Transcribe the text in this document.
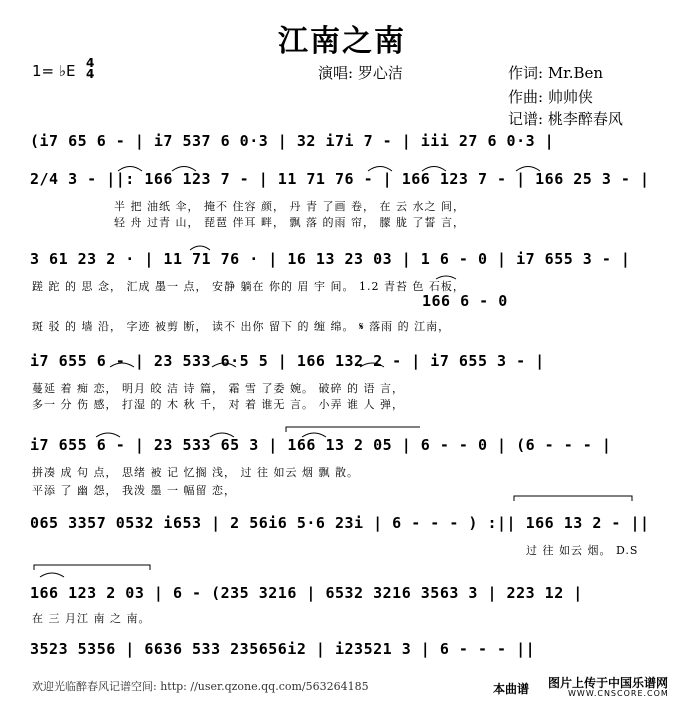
江南之南
1= ♭E 4
4	演唱: 罗心洁	作词: Mr.Ben
作曲: 帅帅侠
记谱: 桃李醉春风
(i7 65 6 - | i7 537 6 0·3 | 32 i7i 7 - | iii 27 6 0·3 |
2/4 3 - ||: 166 123 7 - | 11 71 76 - | 166 123 7 - | 166 25 3 - |
半 把 油纸 伞， 掩不 住容 颜， 丹 青 了画 卷， 在 云 水之 间，
轻 舟 过青 山， 琵琶 伴耳 畔， 飘 落 的雨 帘， 朦 胧 了誓 言，
3 61 23 2 · | 11 71 76 · | 16 13 23 03 | 1 6 - 0 | i7 655 3 - |
蹉 跎 的 思 念， 汇成 墨一 点， 安静 躺在 你的 眉 宇 间。 1.2 青苔 色 石板，
166 6 - 0
斑 驳 的 墙 沿， 字迹 被剪 断， 读不 出你 留下 的 缠 绵。 𝄋 落雨 的 江南，
i7 655 6 - | 23 533 6·5 5 | 166 132 2 - | i7 655 3 - |
蔓延 着 痴 恋， 明月 皎 洁 诗 篇， 霜 雪 了委 婉。 破碎 的 语 言，
多一 分 伤 感， 打湿 的 木 秋 千， 对 着 谁无 言。 小弄 谁 人 弹，
i7 655 6 - | 23 533 65 3 | 166 13 2 05 | 6 - - 0 | (6 - - - |
拼凑 成 句 点， 思绪 被 记 忆搁 浅， 过 往 如云 烟 飘 散。
平添 了 幽 怨， 我泼 墨 一 幅留 恋，
065 3357 0532 i653 | 2 56i6 5·6 23i | 6 - - - ) :|| 166 13 2 - ||
过 往 如云 烟。 D.S
166 123 2 03 | 6 - (235 3216 | 6532 3216 3563 3 | 223 12 |
在 三 月江 南 之 南。
3523 5356 | 6636 533 235656i2 | i23521 3 | 6 - - - ||
欢迎光临醉春风记谱空间: http: //user.qzone.qq.com/563264185	本曲谱 图片上传于中国乐谱网
WWW.CNSCORE.COM
